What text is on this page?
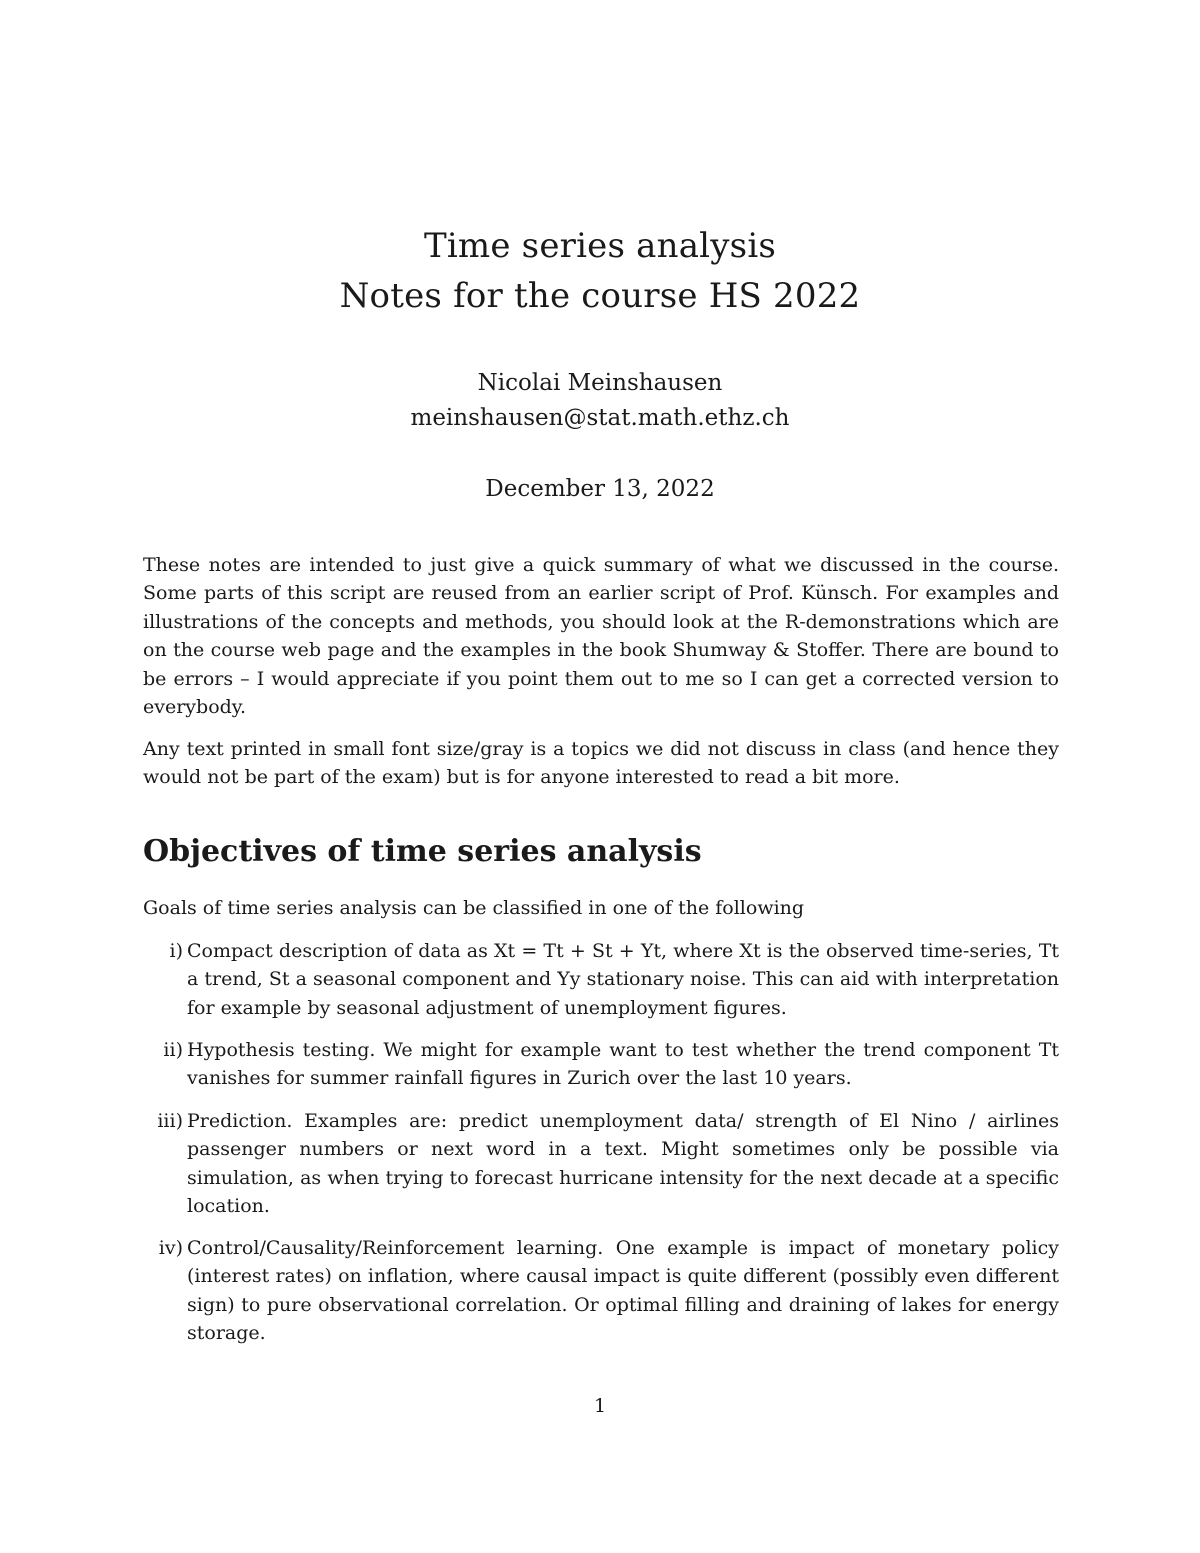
Time series analysis
Notes for the course HS 2022
Nicolai Meinshausen
meinshausen@stat.math.ethz.ch
December 13, 2022

These notes are intended to just give a quick summary of what we discussed in the course. Some parts of this script are reused from an earlier script of Prof. Künsch. For examples and illustrations of the concepts and methods, you should look at the R-demonstrations which are on the course web page and the examples in the book Shumway & Stoffer. There are bound to be errors – I would appreciate if you point them out to me so I can get a corrected version to everybody.

Any text printed in small font size/gray is a topics we did not discuss in class (and hence they would not be part of the exam) but is for anyone interested to read a bit more.

Objectives of time series analysis

Goals of time series analysis can be classified in one of the following

i) Compact description of data as Xt = Tt + St + Yt, where Xt is the observed time-series, Tt a trend, St a seasonal component and Yy stationary noise. This can aid with interpretation for example by seasonal adjustment of unemployment figures.

ii) Hypothesis testing. We might for example want to test whether the trend component Tt vanishes for summer rainfall figures in Zurich over the last 10 years.

iii) Prediction. Examples are: predict unemployment data/ strength of El Nino / airlines passenger numbers or next word in a text. Might sometimes only be possible via simulation, as when trying to forecast hurricane intensity for the next decade at a specific location.

iv) Control/Causality/Reinforcement learning. One example is impact of monetary policy (interest rates) on inflation, where causal impact is quite different (possibly even different sign) to pure observational correlation. Or optimal filling and draining of lakes for energy storage.

1
